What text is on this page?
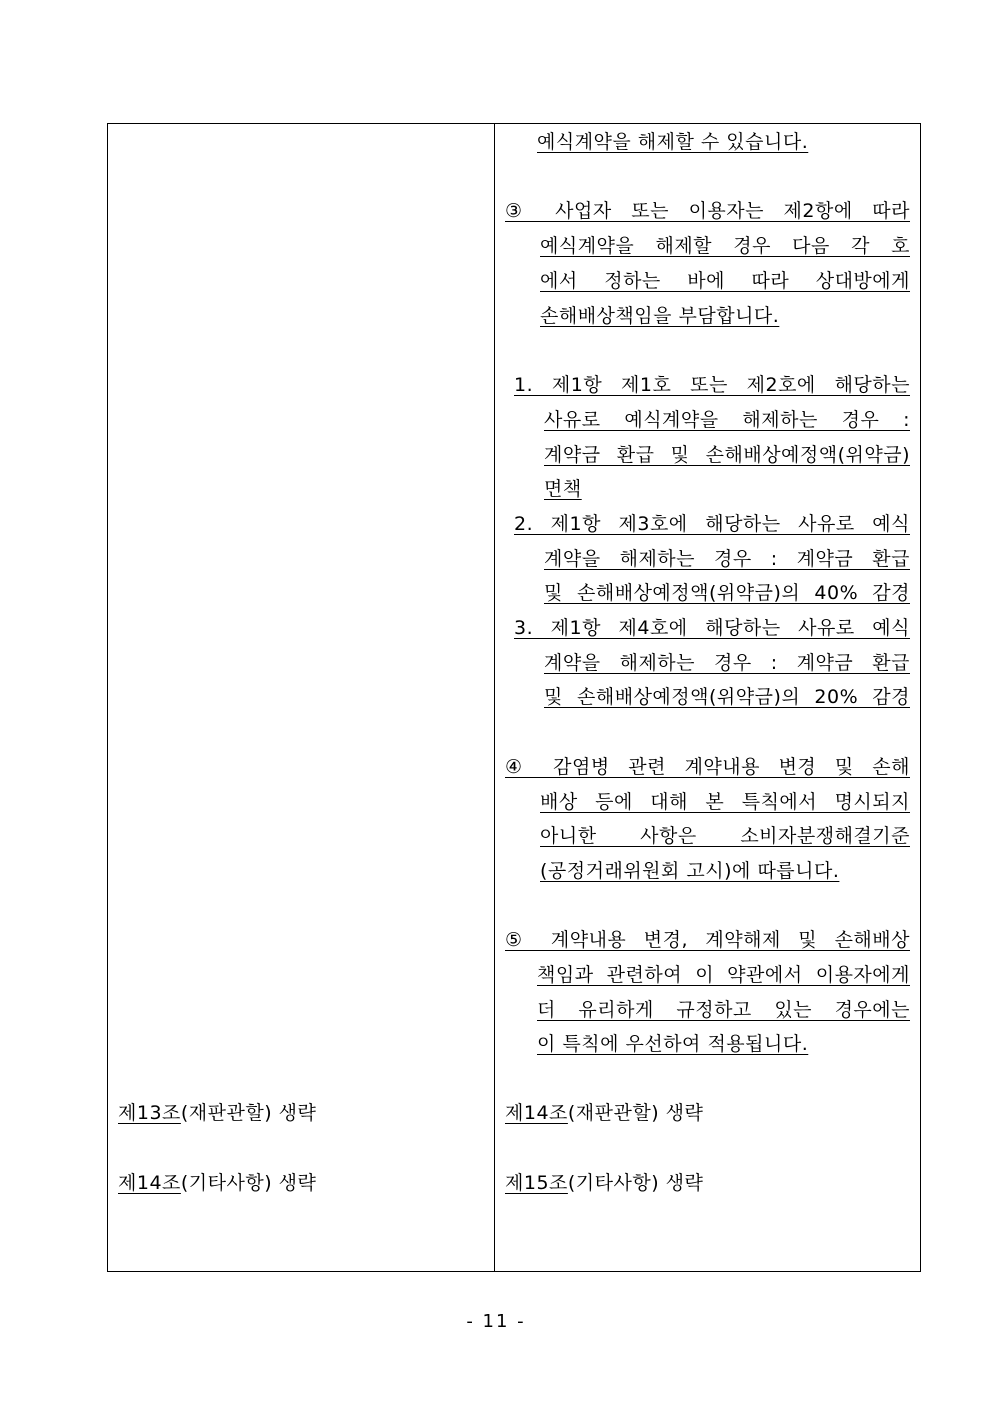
예식계약을 해제할 수 있습니다.
③ 사업자 또는 이용자는 제2항에 따라
예식계약을 해제할 경우 다음 각 호
에서 정하는 바에 따라 상대방에게
손해배상책임을 부담합니다.
1. 제1항 제1호 또는 제2호에 해당하는
사유로 예식계약을 해제하는 경우 :
계약금 환급 및 손해배상예정액(위약금)
면책
2. 제1항 제3호에 해당하는 사유로 예식
계약을 해제하는 경우 : 계약금 환급
및 손해배상예정액(위약금)의 40% 감경
3. 제1항 제4호에 해당하는 사유로 예식
계약을 해제하는 경우 : 계약금 환급
및 손해배상예정액(위약금)의 20% 감경
④ 감염병 관련 계약내용 변경 및 손해
배상 등에 대해 본 특칙에서 명시되지
아니한 사항은 소비자분쟁해결기준
(공정거래위원회 고시)에 따릅니다.
⑤ 계약내용 변경, 계약해제 및 손해배상
책임과 관련하여 이 약관에서 이용자에게
더 유리하게 규정하고 있는 경우에는
이 특칙에 우선하여 적용됩니다.
제14조(재판관할) 생략
제15조(기타사항) 생략
제13조(재판관할) 생략
제14조(기타사항) 생략
- 11 -
